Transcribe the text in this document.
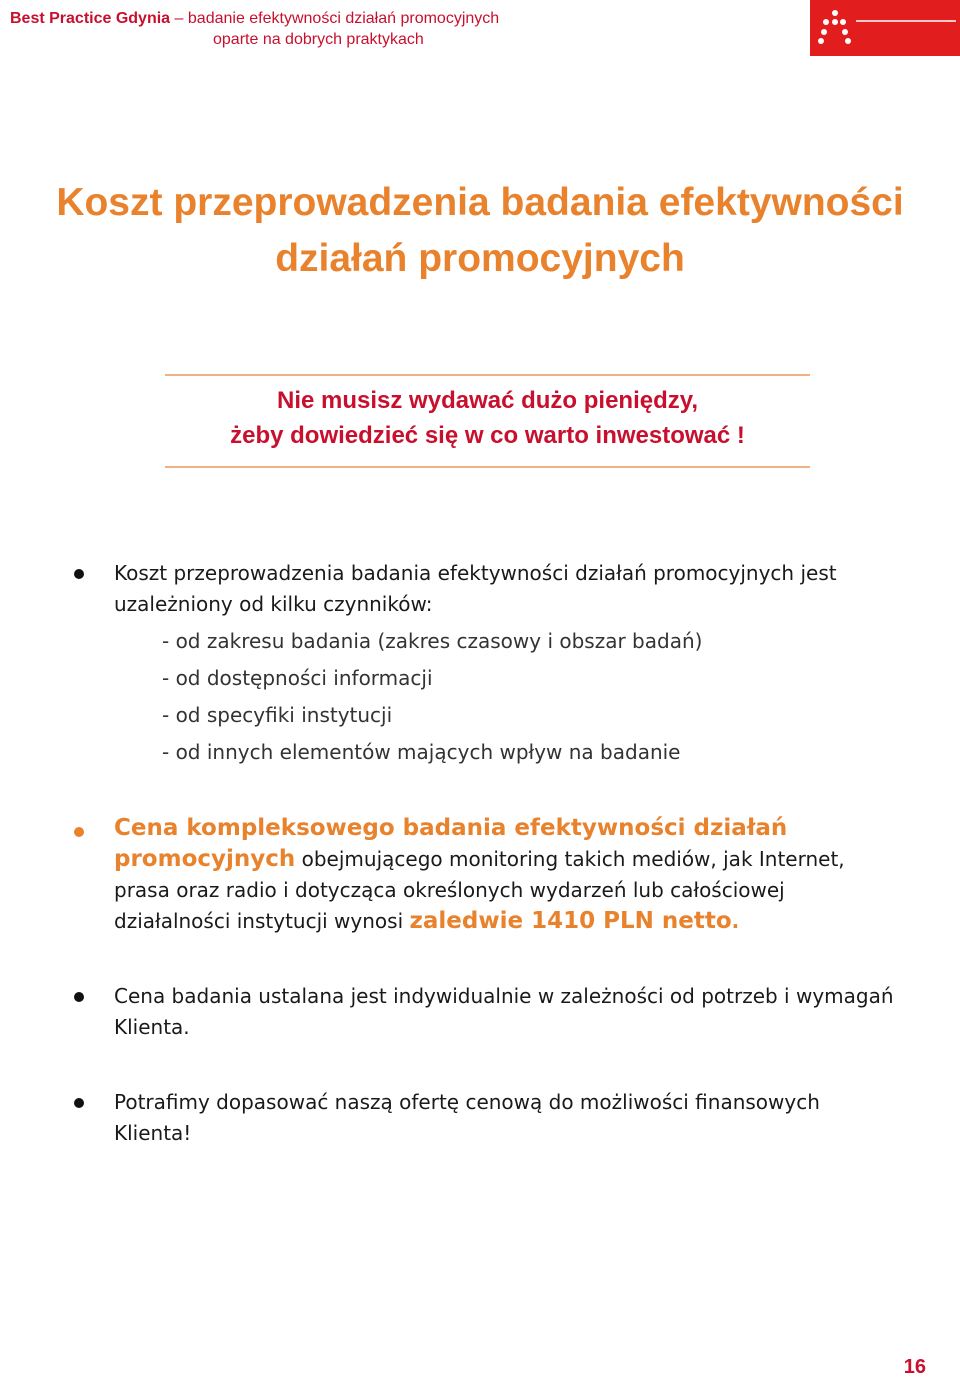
Best Practice Gdynia – badanie efektywności działań promocyjnych
oparte na dobrych praktykach
Koszt przeprowadzenia badania efektywności
działań promocyjnych
Nie musisz wydawać dużo pieniędzy,
żeby dowiedzieć się w co warto inwestować !
Koszt przeprowadzenia badania efektywności działań promocyjnych jest uzależniony od kilku czynników:
- od zakresu badania (zakres czasowy i obszar badań)
- od dostępności informacji
- od specyfiki instytucji
- od innych elementów mających wpływ na badanie
Cena kompleksowego badania efektywności działań promocyjnych obejmującego monitoring takich mediów, jak Internet, prasa oraz radio i dotycząca określonych wydarzeń lub całościowej działalności instytucji wynosi zaledwie 1410 PLN netto.
Cena badania ustalana jest indywidualnie w zależności od potrzeb i wymagań Klienta.
Potrafimy dopasować naszą ofertę cenową do możliwości finansowych Klienta!
16
